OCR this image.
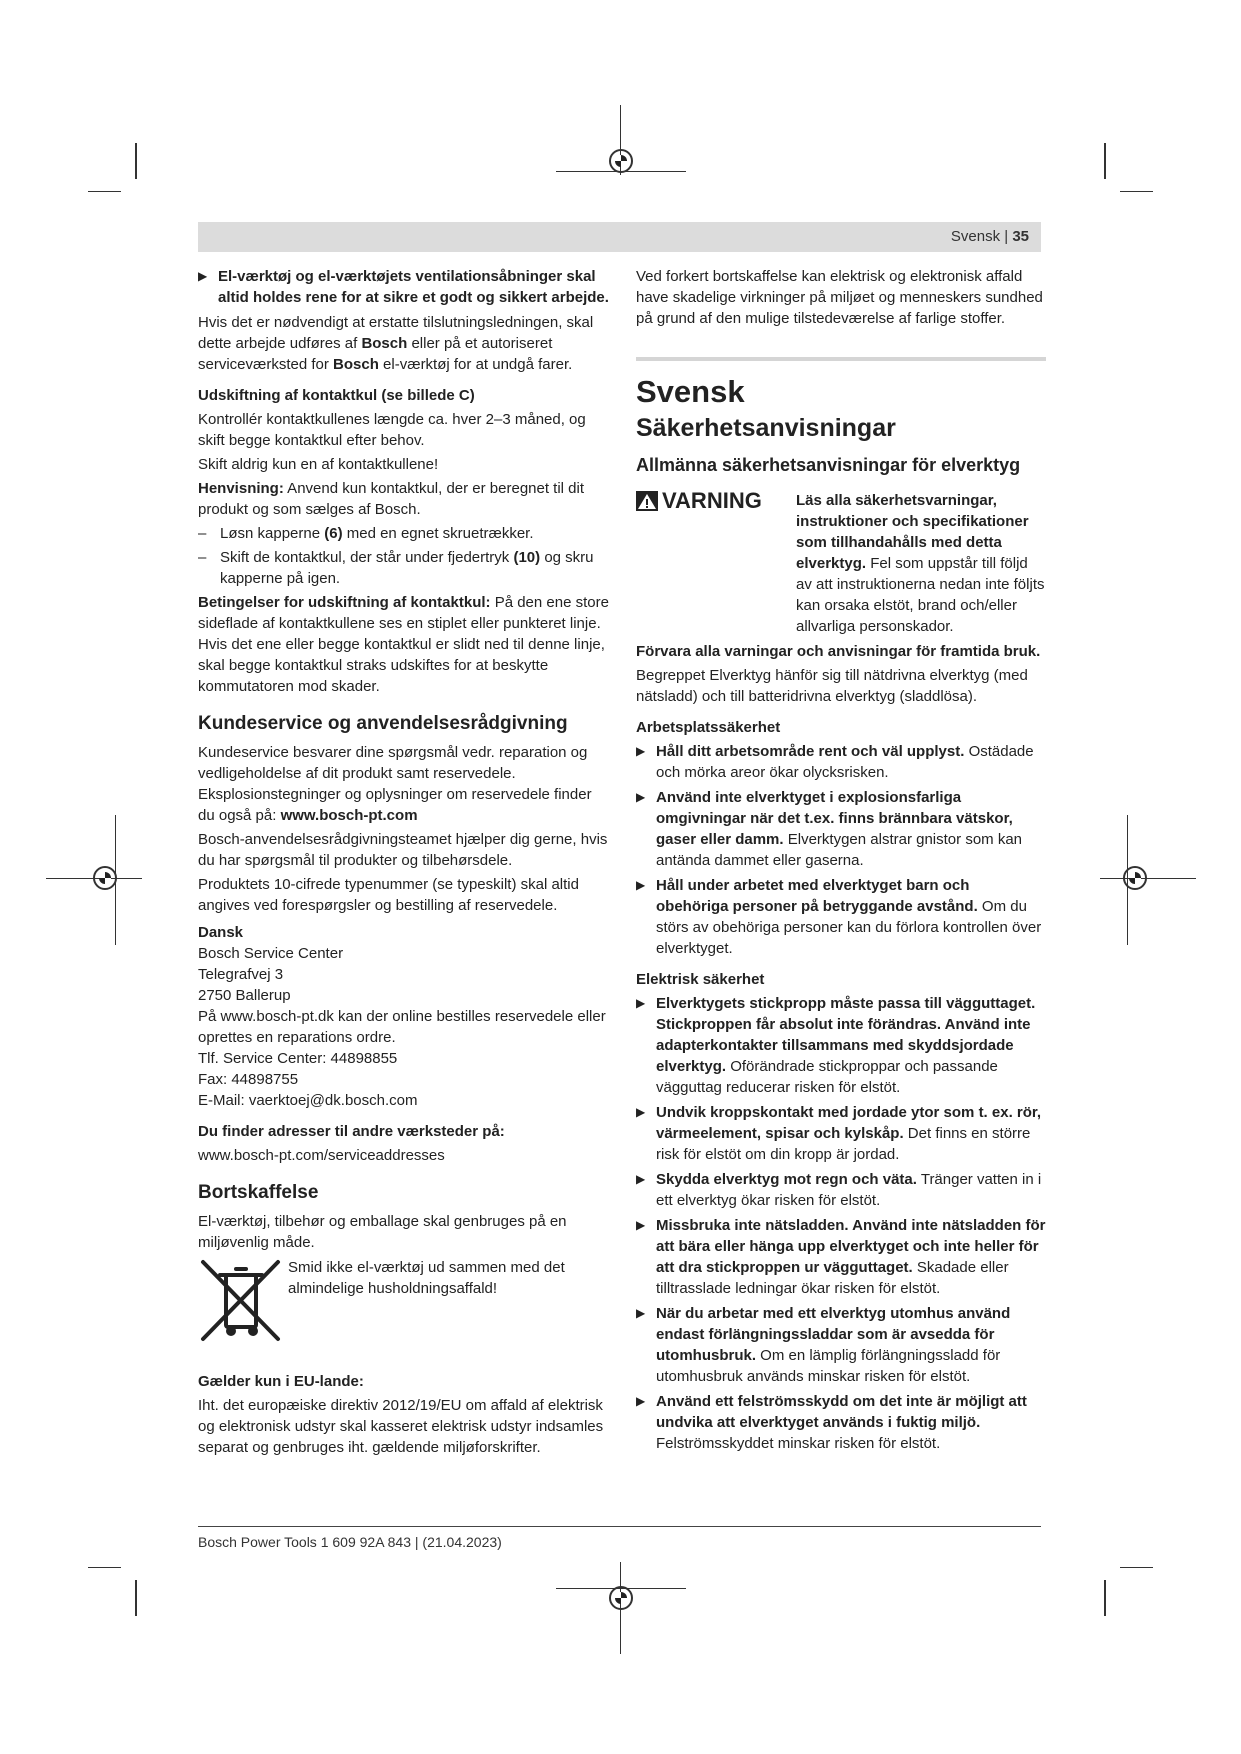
Svensk | 35

▶ El-værktøj og el-værktøjets ventilationsåbninger skal altid holdes rene for at sikre et godt og sikkert arbejde.

Hvis det er nødvendigt at erstatte tilslutningsledningen, skal dette arbejde udføres af Bosch eller på et autoriseret serviceværksted for Bosch el-værktøj for at undgå farer.

Udskiftning af kontaktkul (se billede C)

Kontrollér kontaktkullenes længde ca. hver 2–3 måned, og skift begge kontaktkul efter behov.

Skift aldrig kun en af kontaktkullene!

Henvisning: Anvend kun kontaktkul, der er beregnet til dit produkt og som sælges af Bosch.

– Løsn kapperne (6) med en egnet skruetrækker.

– Skift de kontaktkul, der står under fjedertryk (10) og skru kapperne på igen.

Betingelser for udskiftning af kontaktkul: På den ene store sideflade af kontaktkullene ses en stiplet eller punkteret linje. Hvis det ene eller begge kontaktkul er slidt ned til denne linje, skal begge kontaktkul straks udskiftes for at beskytte kommutatoren mod skader.

Kundeservice og anvendelsesrådgivning

Kundeservice besvarer dine spørgsmål vedr. reparation og vedligeholdelse af dit produkt samt reservedele. Eksplosionstegninger og oplysninger om reservedele finder du også på: www.bosch-pt.com

Bosch-anvendelsesrådgivningsteamet hjælper dig gerne, hvis du har spørgsmål til produkter og tilbehørsdele.

Produktets 10-cifrede typenummer (se typeskilt) skal altid angives ved forespørgsler og bestilling af reservedele.

Dansk
Bosch Service Center
Telegrafvej 3
2750 Ballerup
På www.bosch-pt.dk kan der online bestilles reservedele eller oprettes en reparations ordre.
Tlf. Service Center: 44898855
Fax: 44898755
E-Mail: vaerktoej@dk.bosch.com
Du finder adresser til andre værksteder på:

www.bosch-pt.com/serviceaddresses

Bortskaffelse

El-værktøj, tilbehør og emballage skal genbruges på en miljøvenlig måde.

Smid ikke el-værktøj ud sammen med det almindelige husholdningsaffald!

Gælder kun i EU-lande:

Iht. det europæiske direktiv 2012/19/EU om affald af elektrisk og elektronisk udstyr skal kasseret elektrisk udstyr indsamles separat og genbruges iht. gældende miljøforskrifter.

Ved forkert bortskaffelse kan elektrisk og elektronisk affald have skadelige virkninger på miljøet og menneskers sundhed på grund af den mulige tilstedeværelse af farlige stoffer.

Svensk
Säkerhetsanvisningar
Allmänna säkerhetsanvisningar för elverktyg
VARNING Läs alla säkerhetsvarningar, instruktioner och specifikationer som tillhandahålls med detta elverktyg. Fel som uppstår till följd av att instruktionerna nedan inte följts kan orsaka elstöt, brand och/eller allvarliga personskador.

Förvara alla varningar och anvisningar för framtida bruk.

Begreppet Elverktyg hänför sig till nätdrivna elverktyg (med nätsladd) och till batteridrivna elverktyg (sladdlösa).

Arbetsplatssäkerhet

▶ Håll ditt arbetsområde rent och väl upplyst. Ostädade och mörka areor ökar olycksrisken.

▶ Använd inte elverktyget i explosionsfarliga omgivningar när det t.ex. finns brännbara vätskor, gaser eller damm. Elverktygen alstrar gnistor som kan antända dammet eller gaserna.

▶ Håll under arbetet med elverktyget barn och obehöriga personer på betryggande avstånd. Om du störs av obehöriga personer kan du förlora kontrollen över elverktyget.

Elektrisk säkerhet

▶ Elverktygets stickpropp måste passa till vägguttaget. Stickproppen får absolut inte förändras. Använd inte adapterkontakter tillsammans med skyddsjordade elverktyg. Oförändrade stickproppar och passande vägguttag reducerar risken för elstöt.

▶ Undvik kroppskontakt med jordade ytor som t. ex. rör, värmeelement, spisar och kylskåp. Det finns en större risk för elstöt om din kropp är jordad.

▶ Skydda elverktyg mot regn och väta. Tränger vatten in i ett elverktyg ökar risken för elstöt.

▶ Missbruka inte nätsladden. Använd inte nätsladden för att bära eller hänga upp elverktyget och inte heller för att dra stickproppen ur vägguttaget. Skadade eller tilltrasslade ledningar ökar risken för elstöt.

▶ När du arbetar med ett elverktyg utomhus använd endast förlängningssladdar som är avsedda för utomhusbruk. Om en lämplig förlängningssladd för utomhusbruk används minskar risken för elstöt.

▶ Använd ett felströmsskydd om det inte är möjligt att undvika att elverktyget används i fuktig miljö. Felströmsskyddet minskar risken för elstöt.

Bosch Power Tools 1 609 92A 843 | (21.04.2023)
